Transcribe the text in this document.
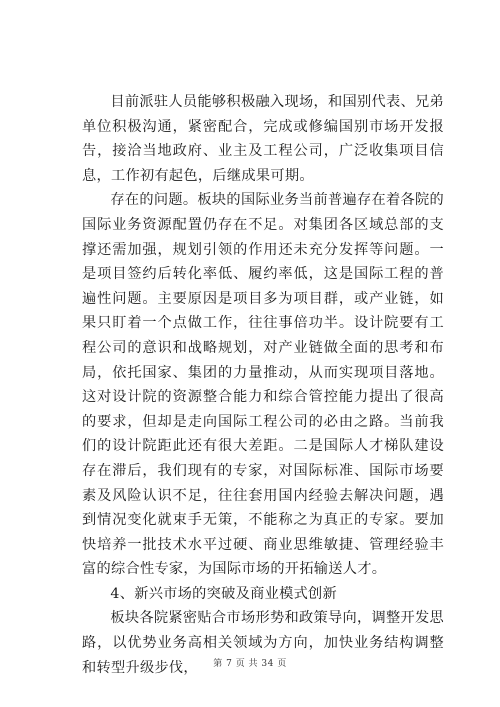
目前派驻人员能够积极融入现场，和国别代表、兄弟单位积极沟通，紧密配合，完成或修编国别市场开发报告，接洽当地政府、业主及工程公司，广泛收集项目信息，工作初有起色，后继成果可期。

存在的问题。板块的国际业务当前普遍存在着各院的国际业务资源配置仍存在不足。对集团各区域总部的支撑还需加强，规划引领的作用还未充分发挥等问题。一是项目签约后转化率低、履约率低，这是国际工程的普遍性问题。主要原因是项目多为项目群，或产业链，如果只盯着一个点做工作，往往事倍功半。设计院要有工程公司的意识和战略规划，对产业链做全面的思考和布局，依托国家、集团的力量推动，从而实现项目落地。这对设计院的资源整合能力和综合管控能力提出了很高的要求，但却是走向国际工程公司的必由之路。当前我们的设计院距此还有很大差距。二是国际人才梯队建设存在滞后，我们现有的专家，对国际标准、国际市场要素及风险认识不足，往往套用国内经验去解决问题，遇到情况变化就束手无策，不能称之为真正的专家。要加快培养一批技术水平过硬、商业思维敏捷、管理经验丰富的综合性专家，为国际市场的开拓输送人才。

4、新兴市场的突破及商业模式创新

板块各院紧密贴合市场形势和政策导向，调整开发思路，以优势业务高相关领域为方向，加快业务结构调整和转型升级步伐，	第 7 页 共 34 页
